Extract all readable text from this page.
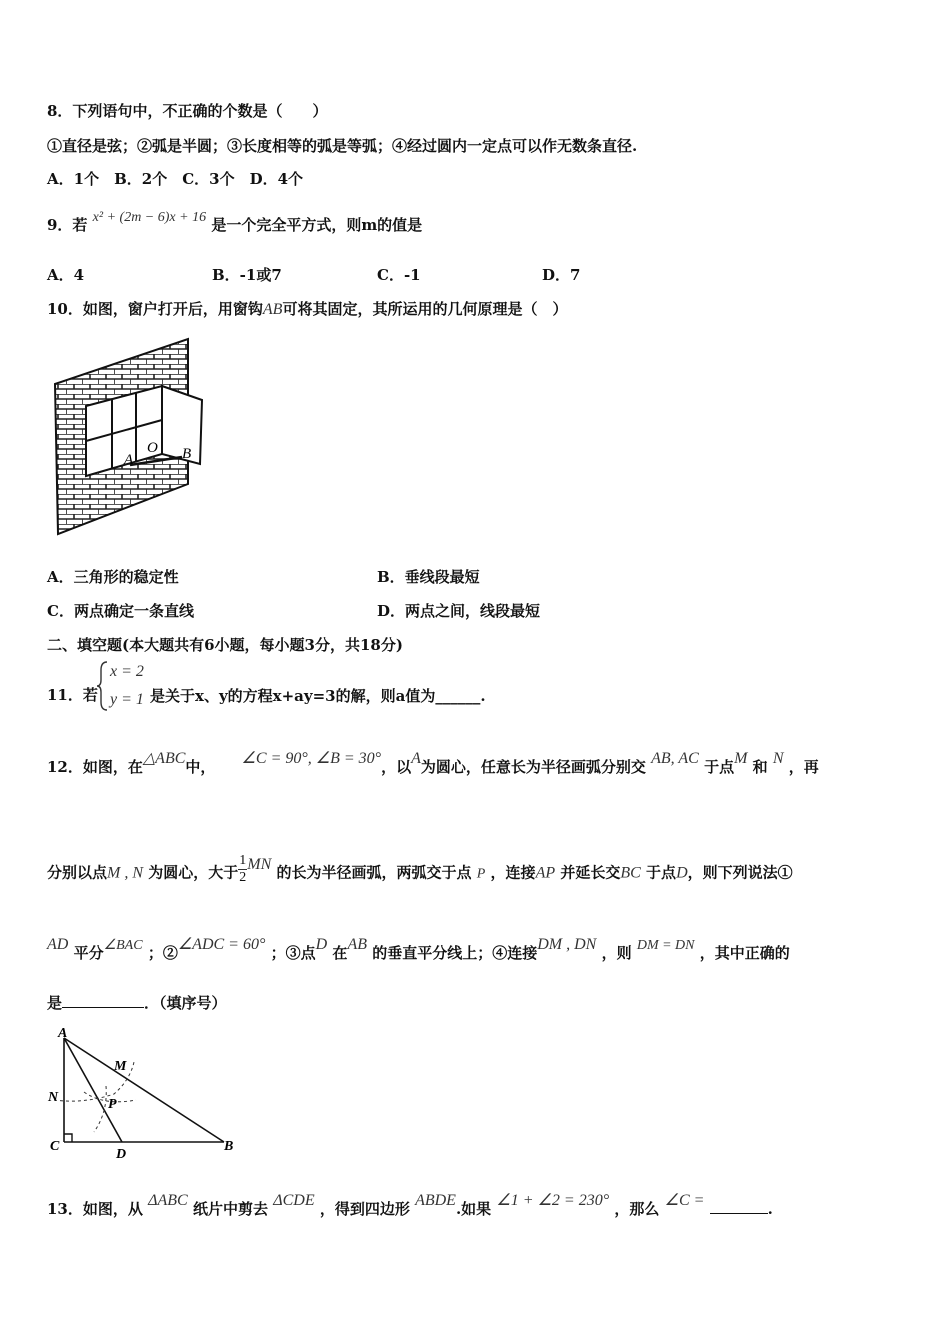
8．下列语句中，不正确的个数是（　　）
①直径是弦；②弧是半圆；③长度相等的弧是等弧；④经过圆内一定点可以作无数条直径.
A．1个　B．2个　C．3个　D．4个
9．若 x² + (2m − 6)x + 16 是一个完全平方式，则m的值是
A．4	B．-1或7	C．-1	D．7
10．如图，窗户打开后，用窗钩AB可将其固定，其所运用的几何原理是（　）
A
O B
A．三角形的稳定性	B．垂线段最短
C．两点确定一条直线	D．两点之间，线段最短
二、填空题(本大题共有6小题，每小题3分，共18分)
11．若
x = 2
y = 1 是关于x、y的方程x+ay=3的解，则a值为______.
12．如图，在△ABC中， ∠C = 90°, ∠B = 30°，以A为圆心，任意长为半径画弧分别交 AB, AC 于点M 和 N ，再
分别以点M , N 为圆心，大于 $\frac{1}{2}$ MN 的长为半径画弧，两弧交于点 P ，连接AP 并延长交BC 于点D，则下列说法①
AD 平分∠BAC ；②∠ADC = 60° ；③点D 在AB 的垂直平分线上；④连接DM , DN ，则 DM = DN ，其中正确的
是	．（填序号）
A
M
N	P
C
D
B
13．如图，从 ΔABC 纸片中剪去 ΔCDE ，得到四边形 ABDE.如果 ∠1 + ∠2 = 230° ，那么 ∠C =	.
